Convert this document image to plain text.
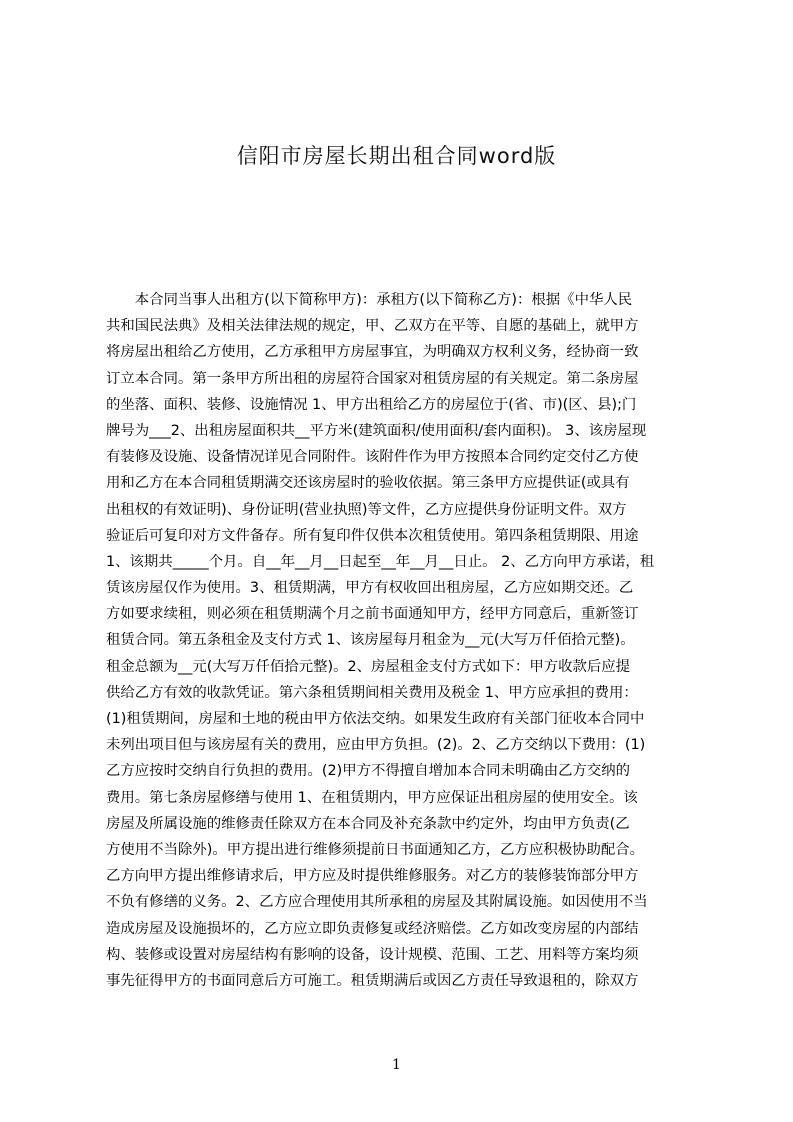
信阳市房屋长期出租合同word版
　　本合同当事人出租方(以下简称甲方)：承租方(以下简称乙方)：根据《中华人民
共和国民法典》及相关法律法规的规定，甲、乙双方在平等、自愿的基础上，就甲方
将房屋出租给乙方使用，乙方承租甲方房屋事宜，为明确双方权利义务，经协商一致
订立本合同。第一条甲方所出租的房屋符合国家对租赁房屋的有关规定。第二条房屋
的坐落、面积、装修、设施情况 1、甲方出租给乙方的房屋位于(省、市)(区、县);门
牌号为___2、出租房屋面积共__平方米(建筑面积/使用面积/套内面积)。 3、该房屋现
有装修及设施、设备情况详见合同附件。该附件作为甲方按照本合同约定交付乙方使
用和乙方在本合同租赁期满交还该房屋时的验收依据。第三条甲方应提供证(或具有
出租权的有效证明)、身份证明(营业执照)等文件，乙方应提供身份证明文件。双方
验证后可复印对方文件备存。所有复印件仅供本次租赁使用。第四条租赁期限、用途
1、该期共_____个月。自__年__月__日起至__年__月__日止。 2、乙方向甲方承诺，租
赁该房屋仅作为使用。3、租赁期满，甲方有权收回出租房屋，乙方应如期交还。乙
方如要求续租，则必须在租赁期满个月之前书面通知甲方，经甲方同意后，重新签订
租赁合同。第五条租金及支付方式 1、该房屋每月租金为__元(大写万仟佰拾元整)。
租金总额为__元(大写万仟佰拾元整)。2、房屋租金支付方式如下：甲方收款后应提
供给乙方有效的收款凭证。第六条租赁期间相关费用及税金 1、甲方应承担的费用：
(1)租赁期间，房屋和土地的税由甲方依法交纳。如果发生政府有关部门征收本合同中
未列出项目但与该房屋有关的费用，应由甲方负担。(2)。2、乙方交纳以下费用：(1)
乙方应按时交纳自行负担的费用。(2)甲方不得擅自增加本合同未明确由乙方交纳的
费用。第七条房屋修缮与使用 1、在租赁期内，甲方应保证出租房屋的使用安全。该
房屋及所属设施的维修责任除双方在本合同及补充条款中约定外，均由甲方负责(乙
方使用不当除外)。甲方提出进行维修须提前日书面通知乙方，乙方应积极协助配合。
乙方向甲方提出维修请求后，甲方应及时提供维修服务。对乙方的装修装饰部分甲方
不负有修缮的义务。2、乙方应合理使用其所承租的房屋及其附属设施。如因使用不当
造成房屋及设施损坏的，乙方应立即负责修复或经济赔偿。乙方如改变房屋的内部结
构、装修或设置对房屋结构有影响的设备，设计规模、范围、工艺、用料等方案均须
事先征得甲方的书面同意后方可施工。租赁期满后或因乙方责任导致退租的，除双方
1
